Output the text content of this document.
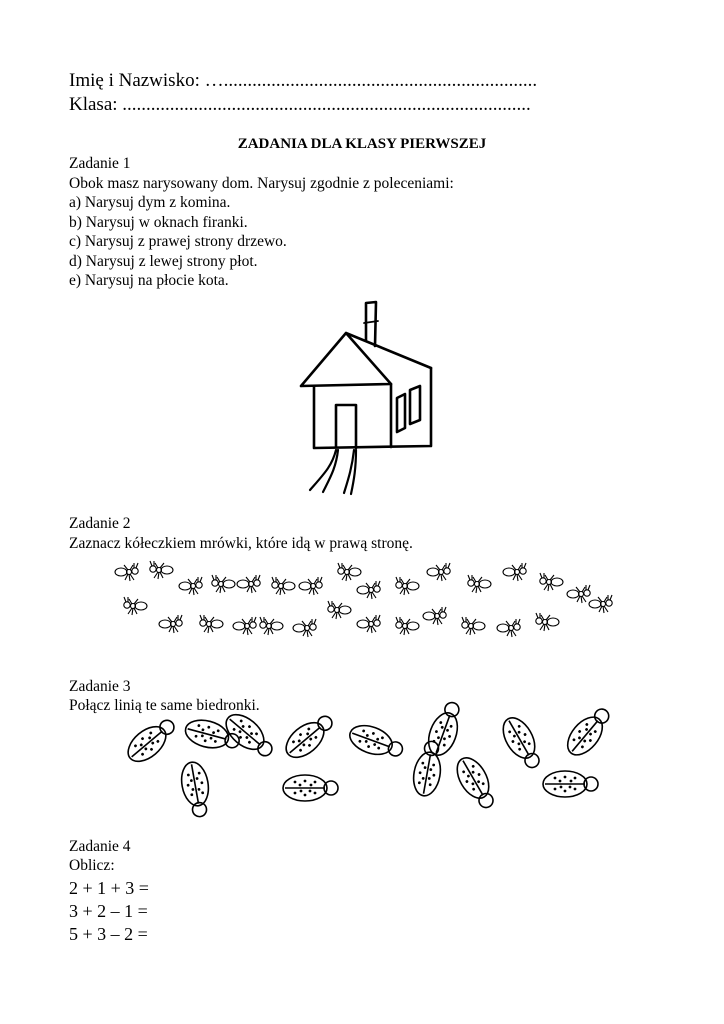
Imię i Nazwisko: …..................................................................
Klasa: ......................................................................................
ZADANIA DLA KLASY PIERWSZEJ
Zadanie 1
Obok masz narysowany dom. Narysuj zgodnie z poleceniami:
a) Narysuj dym z komina.
b) Narysuj w oknach firanki.
c) Narysuj z prawej strony drzewo.
d) Narysuj z lewej strony płot.
e) Narysuj na płocie kota.
Zadanie 2
Zaznacz kółeczkiem mrówki, które idą w prawą stronę.
Zadanie 3
Połącz linią te same biedronki.
Zadanie 4
Oblicz:
2 + 1 + 3 =
3 + 2 – 1 =
5 + 3 – 2 =
